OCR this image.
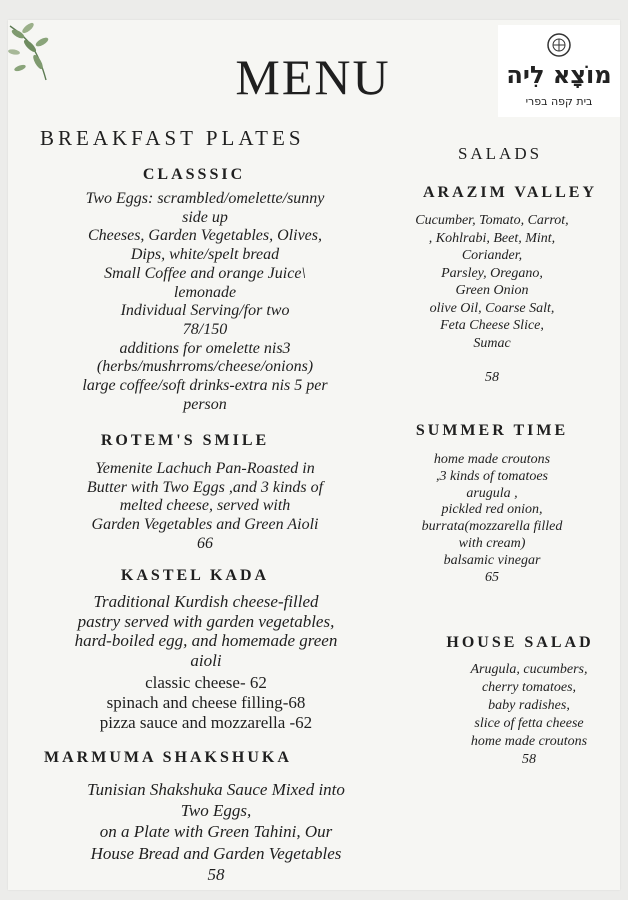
מוֹצָא לִיה
בית קפה בפרי
MENU
BREAKFAST PLATES
CLASSSIC
Two Eggs: scrambled/omelette/sunny
side up
Cheeses, Garden Vegetables, Olives,
Dips, white/spelt bread
Small Coffee and orange Juice\
lemonade
Individual Serving/for two
78/150
additions for omelette nis3
(herbs/mushrroms/cheese/onions)
large coffee/soft drinks-extra nis 5 per
person
ROTEM'S SMILE
Yemenite Lachuch Pan-Roasted in
Butter with Two Eggs ,and 3 kinds of
melted cheese, served with
Garden Vegetables and Green Aioli
66
KASTEL KADA
Traditional Kurdish cheese-filled
pastry served with garden vegetables,
hard-boiled egg, and homemade green
aioli
classic cheese- 62
spinach and cheese filling-68
pizza sauce and mozzarella -62
MARMUMA SHAKSHUKA
Tunisian Shakshuka Sauce Mixed into
Two Eggs,
on a Plate with Green Tahini, Our
House Bread and Garden Vegetables
58
SALADS
ARAZIM VALLEY
Cucumber, Tomato, Carrot,
, Kohlrabi, Beet, Mint,
Coriander,
Parsley, Oregano,
Green Onion
olive Oil, Coarse Salt,
Feta Cheese Slice,
Sumac
58
SUMMER TIME
home made croutons
,3 kinds of tomatoes
arugula ,
pickled red onion,
burrata(mozzarella filled
with cream)
balsamic vinegar
65
HOUSE SALAD
Arugula, cucumbers,
cherry tomatoes,
baby radishes,
slice of fetta cheese
home made croutons
58
